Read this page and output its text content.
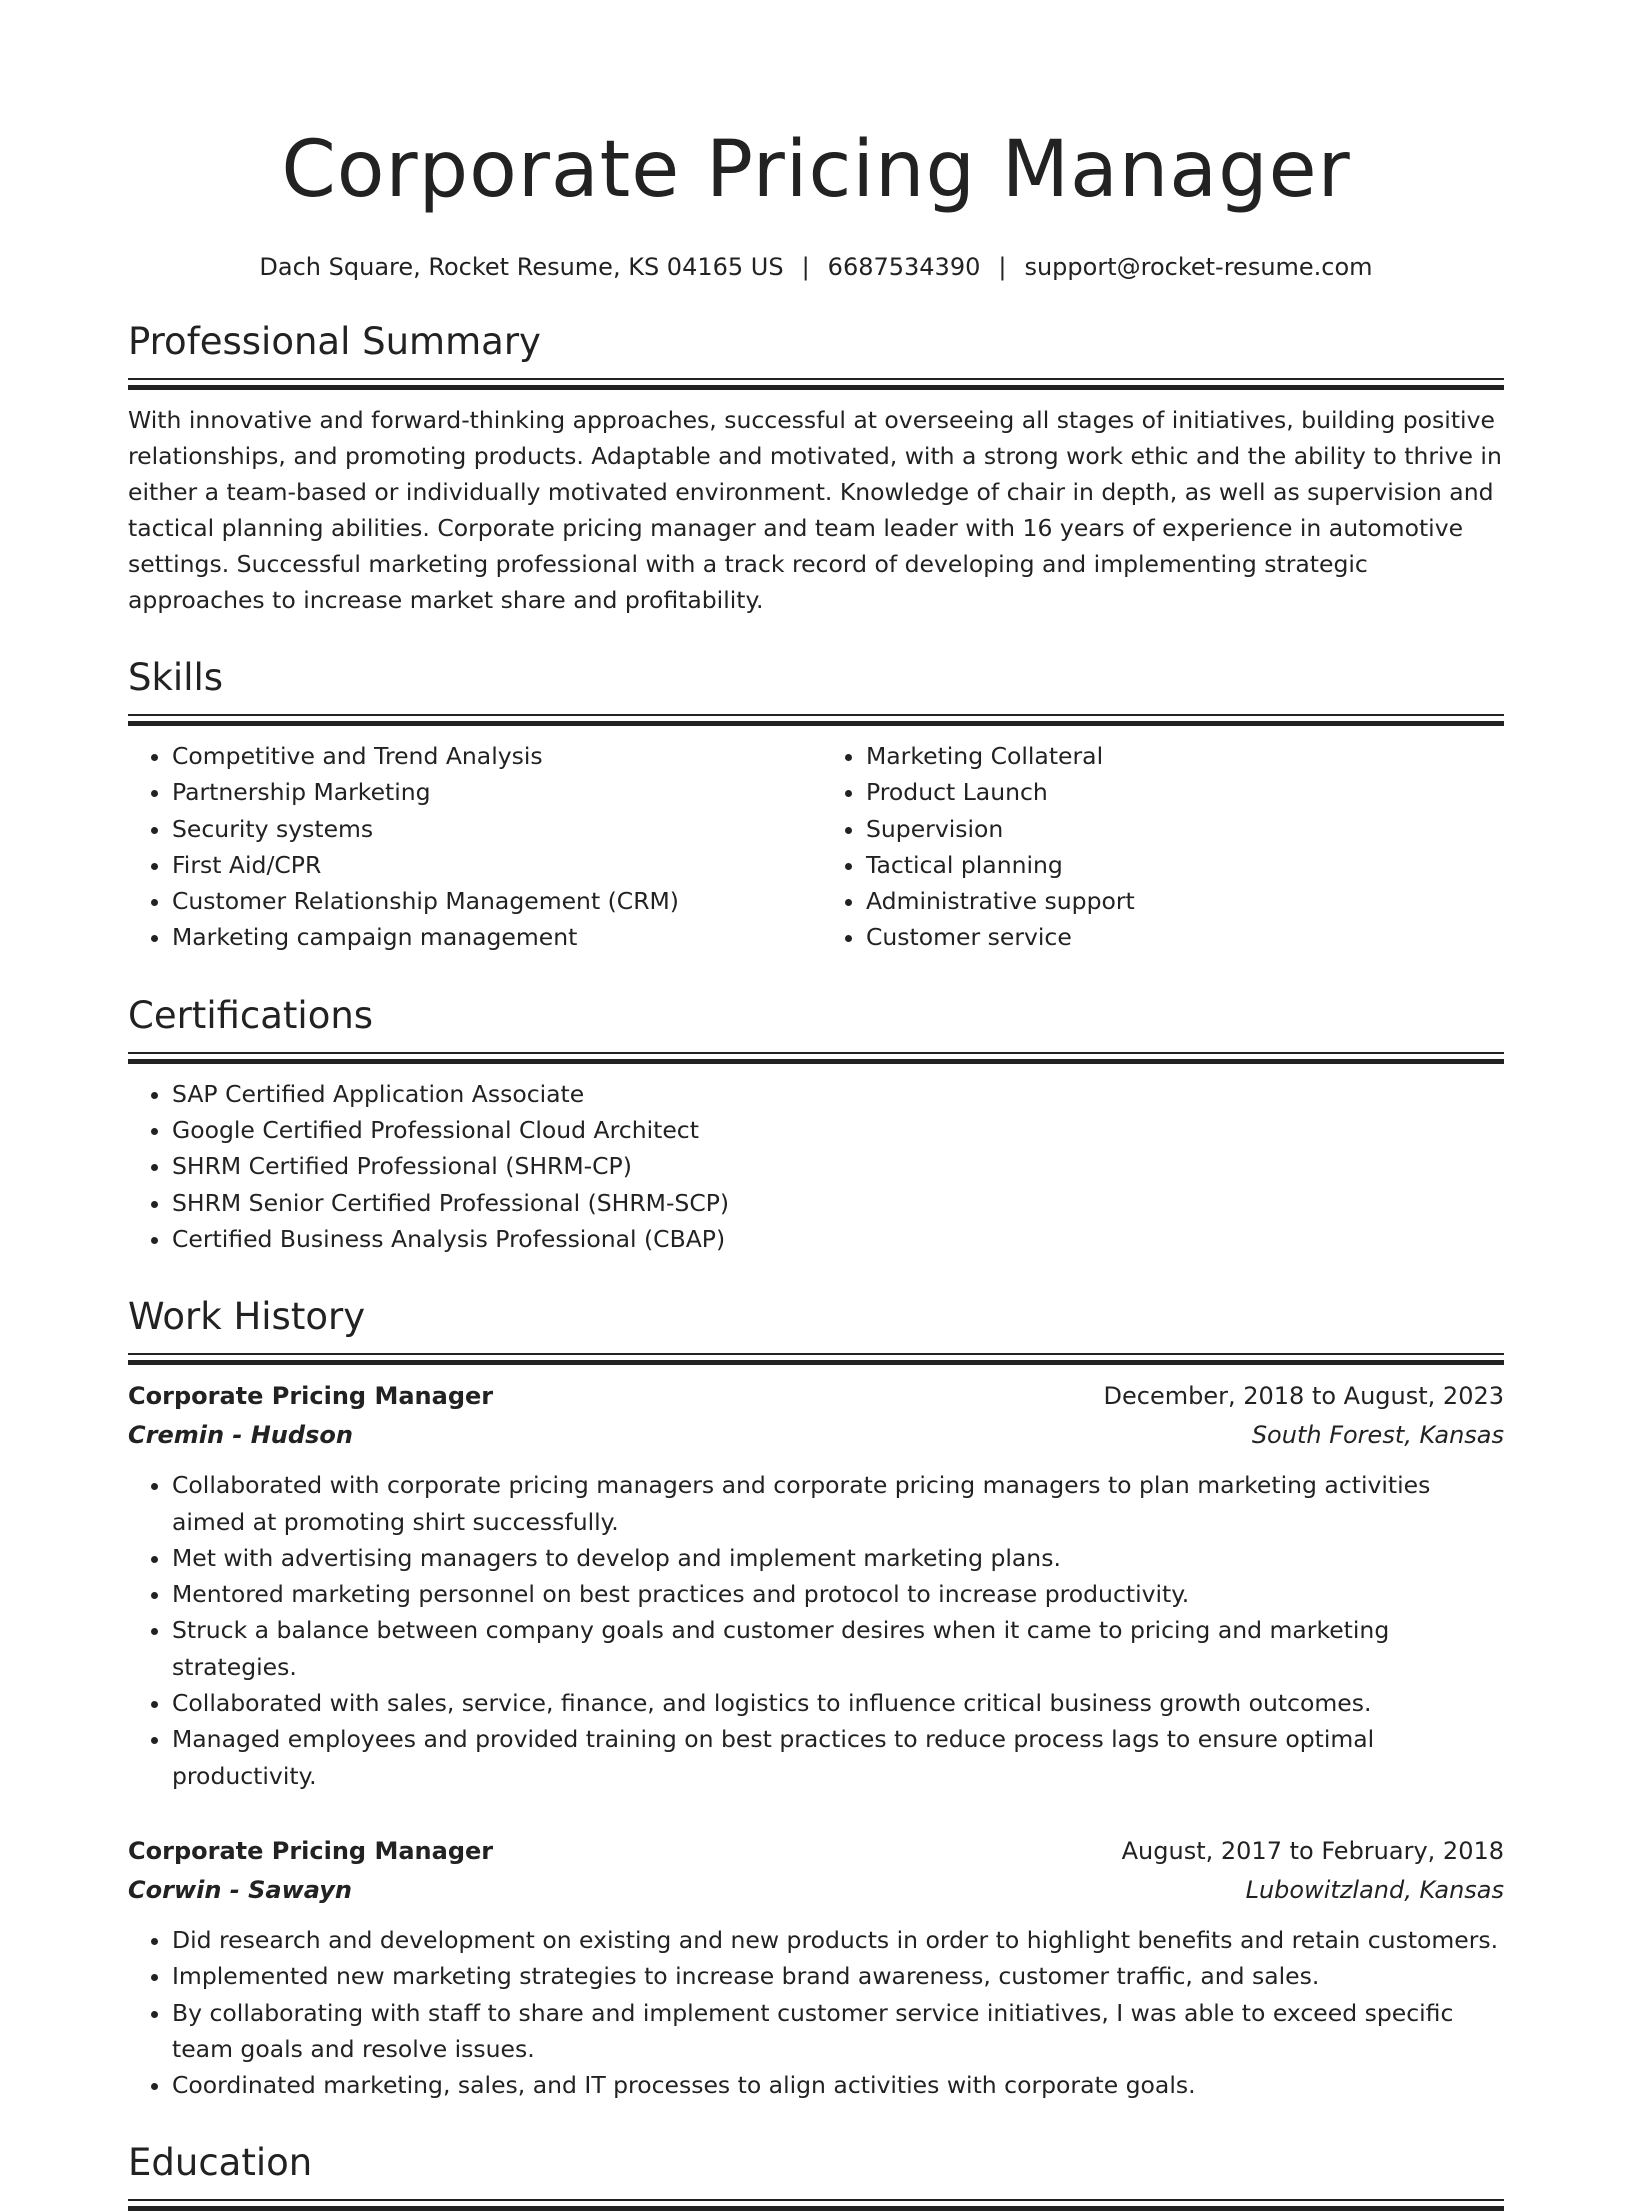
Corporate Pricing Manager
Dach Square, Rocket Resume, KS 04165 US | 6687534390 | support@rocket-resume.com
Professional Summary

With innovative and forward-thinking approaches, successful at overseeing all stages of initiatives, building positive relationships, and promoting products. Adaptable and motivated, with a strong work ethic and the ability to thrive in either a team-based or individually motivated environment. Knowledge of chair in depth, as well as supervision and tactical planning abilities. Corporate pricing manager and team leader with 16 years of experience in automotive settings. Successful marketing professional with a track record of developing and implementing strategic approaches to increase market share and profitability.

Skills
• Competitive and Trend Analysis
• Partnership Marketing
• Security systems
• First Aid/CPR
• Customer Relationship Management (CRM)
• Marketing campaign management
• Marketing Collateral
• Product Launch
• Supervision
• Tactical planning
• Administrative support
• Customer service
Certifications
• SAP Certified Application Associate
• Google Certified Professional Cloud Architect
• SHRM Certified Professional (SHRM-CP)
• SHRM Senior Certified Professional (SHRM-SCP)
• Certified Business Analysis Professional (CBAP)
Work History
Corporate Pricing Manager	December, 2018 to August, 2023
Cremin - Hudson	South Forest, Kansas
• Collaborated with corporate pricing managers and corporate pricing managers to plan marketing activities aimed at promoting shirt successfully.
• Met with advertising managers to develop and implement marketing plans.
• Mentored marketing personnel on best practices and protocol to increase productivity.
• Struck a balance between company goals and customer desires when it came to pricing and marketing strategies.
• Collaborated with sales, service, finance, and logistics to influence critical business growth outcomes.
• Managed employees and provided training on best practices to reduce process lags to ensure optimal productivity.
Corporate Pricing Manager	August, 2017 to February, 2018
Corwin - Sawayn	Lubowitzland, Kansas
• Did research and development on existing and new products in order to highlight benefits and retain customers.
• Implemented new marketing strategies to increase brand awareness, customer traffic, and sales.
• By collaborating with staff to share and implement customer service initiatives, I was able to exceed specific team goals and resolve issues.
• Coordinated marketing, sales, and IT processes to align activities with corporate goals.
Education
